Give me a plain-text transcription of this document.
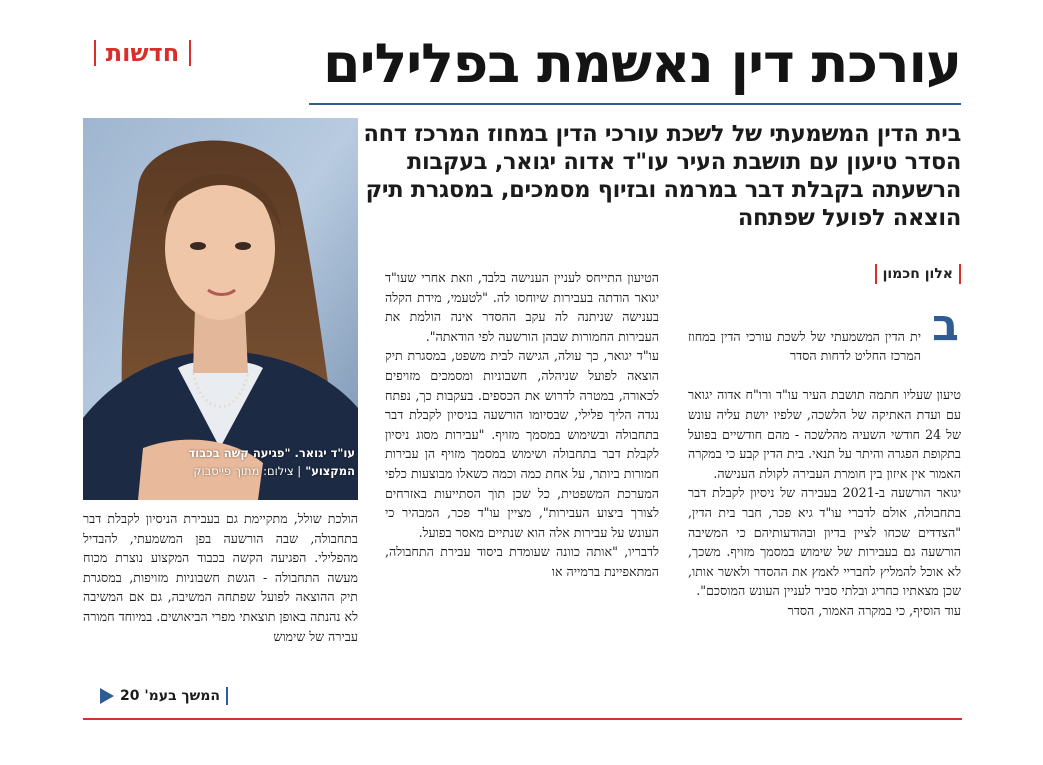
חדשות	עורכת דין נאשמת בפלילים

בית הדין המשמעתי של לשכת עורכי הדין במחוז המרכז דחה הסדר טיעון עם תושבת העיר עו"ד אדוה יגואר, בעקבות הרשעתה בקבלת דבר במרמה ובזיוף מסמכים, במסגרת תיק הוצאה לפועל שפתחה

עו"ד יגואר. "פגיעה קשה בכבוד המקצוע" | צילום: מתוך פייסבוק
אלון חכמון
ב

ית הדין המשמעתי של לשכת עורכי הדין במחוז המרכז החליט לדחות הסדר

טיעון שעליו חתמה תושבת העיר עו"ד ורו"ח אדוה יגואר עם ועדת האתיקה של הלשכה, שלפיו יושת עליה עונש של 24 חודשי השעיה מהלשכה - מהם חודשיים בפועל בתקופת הפגרה והיתר על תנאי. בית הדין קבע כי במקרה האמור אין איזון בין חומרת העבירה לקולת הענישה.
יגואר הורשעה ב-2021 בעבירה של ניסיון לקבלת דבר בתחבולה, אולם לדברי עו"ד גיא פכר, חבר בית הדין, "הצדדים שכחו לציין בדיון ובהודעותיהם כי המשיבה הורשעה גם בעבירות של שימוש במסמך מזויף. משכך, לא אוכל להמליץ לחבריי לאמץ את ההסדר ולאשר אותו, שכן מצאתיו כחריג ובלתי סביר לעניין העונש המוסכם".
עוד הוסיף, כי במקרה האמור, הסדר

הטיעון התייחס לעניין הענישה בלבד, וזאת אחרי שעו"ד יגואר הודתה בעבירות שיוחסו לה. "לטעמי, מידת הקלה בענישה שניתנה לה עקב ההסדר אינה הולמת את העבירות החמורות שבהן הורשעה לפי הודאתה".
עו"ד יגואר, כך עולה, הגישה לבית משפט, במסגרת תיק הוצאה לפועל שניהלה, חשבוניות ומסמכים מזויפים לכאורה, במטרה לדרוש את הכספים. בעקבות כך, נפתח נגדה הליך פלילי, שבסיומו הורשעה בניסיון לקבלת דבר בתחבולה ובשימוש במסמך מזויף. "עבירות מסוג ניסיון לקבלת דבר בתחבולה ושימוש במסמך מזויף הן עבירות חמורות ביותר, על אחת כמה וכמה כשאלו מבוצעות כלפי המערכת המשפטית, כל שכן תוך הסתייעות באזרחים לצורך ביצוע העבירות", מציין עו"ד פכר, המבהיר כי העונש על עבירות אלה הוא שנתיים מאסר בפועל.
לדבריו, "אותה כוונה שעומדת ביסוד עבירת התחבולה, המתאפיינת ברמייה או
הולכת שולל, מתקיימת גם בעבירת הניסיון לקבלת דבר בתחבולה, שבה הורשעה בפן המשמעתי, להבדיל מהפלילי. הפגיעה הקשה בכבוד המקצוע נוצרת מכוח מעשה התחבולה - הגשת חשבוניות מזויפות, במסגרת תיק ההוצאה לפועל שפתחה המשיבה, גם אם המשיבה לא נהנתה באופן תוצאתי מפרי הביאושים. במיוחד חמורה עבירה של שימוש
המשך בעמ' 20
